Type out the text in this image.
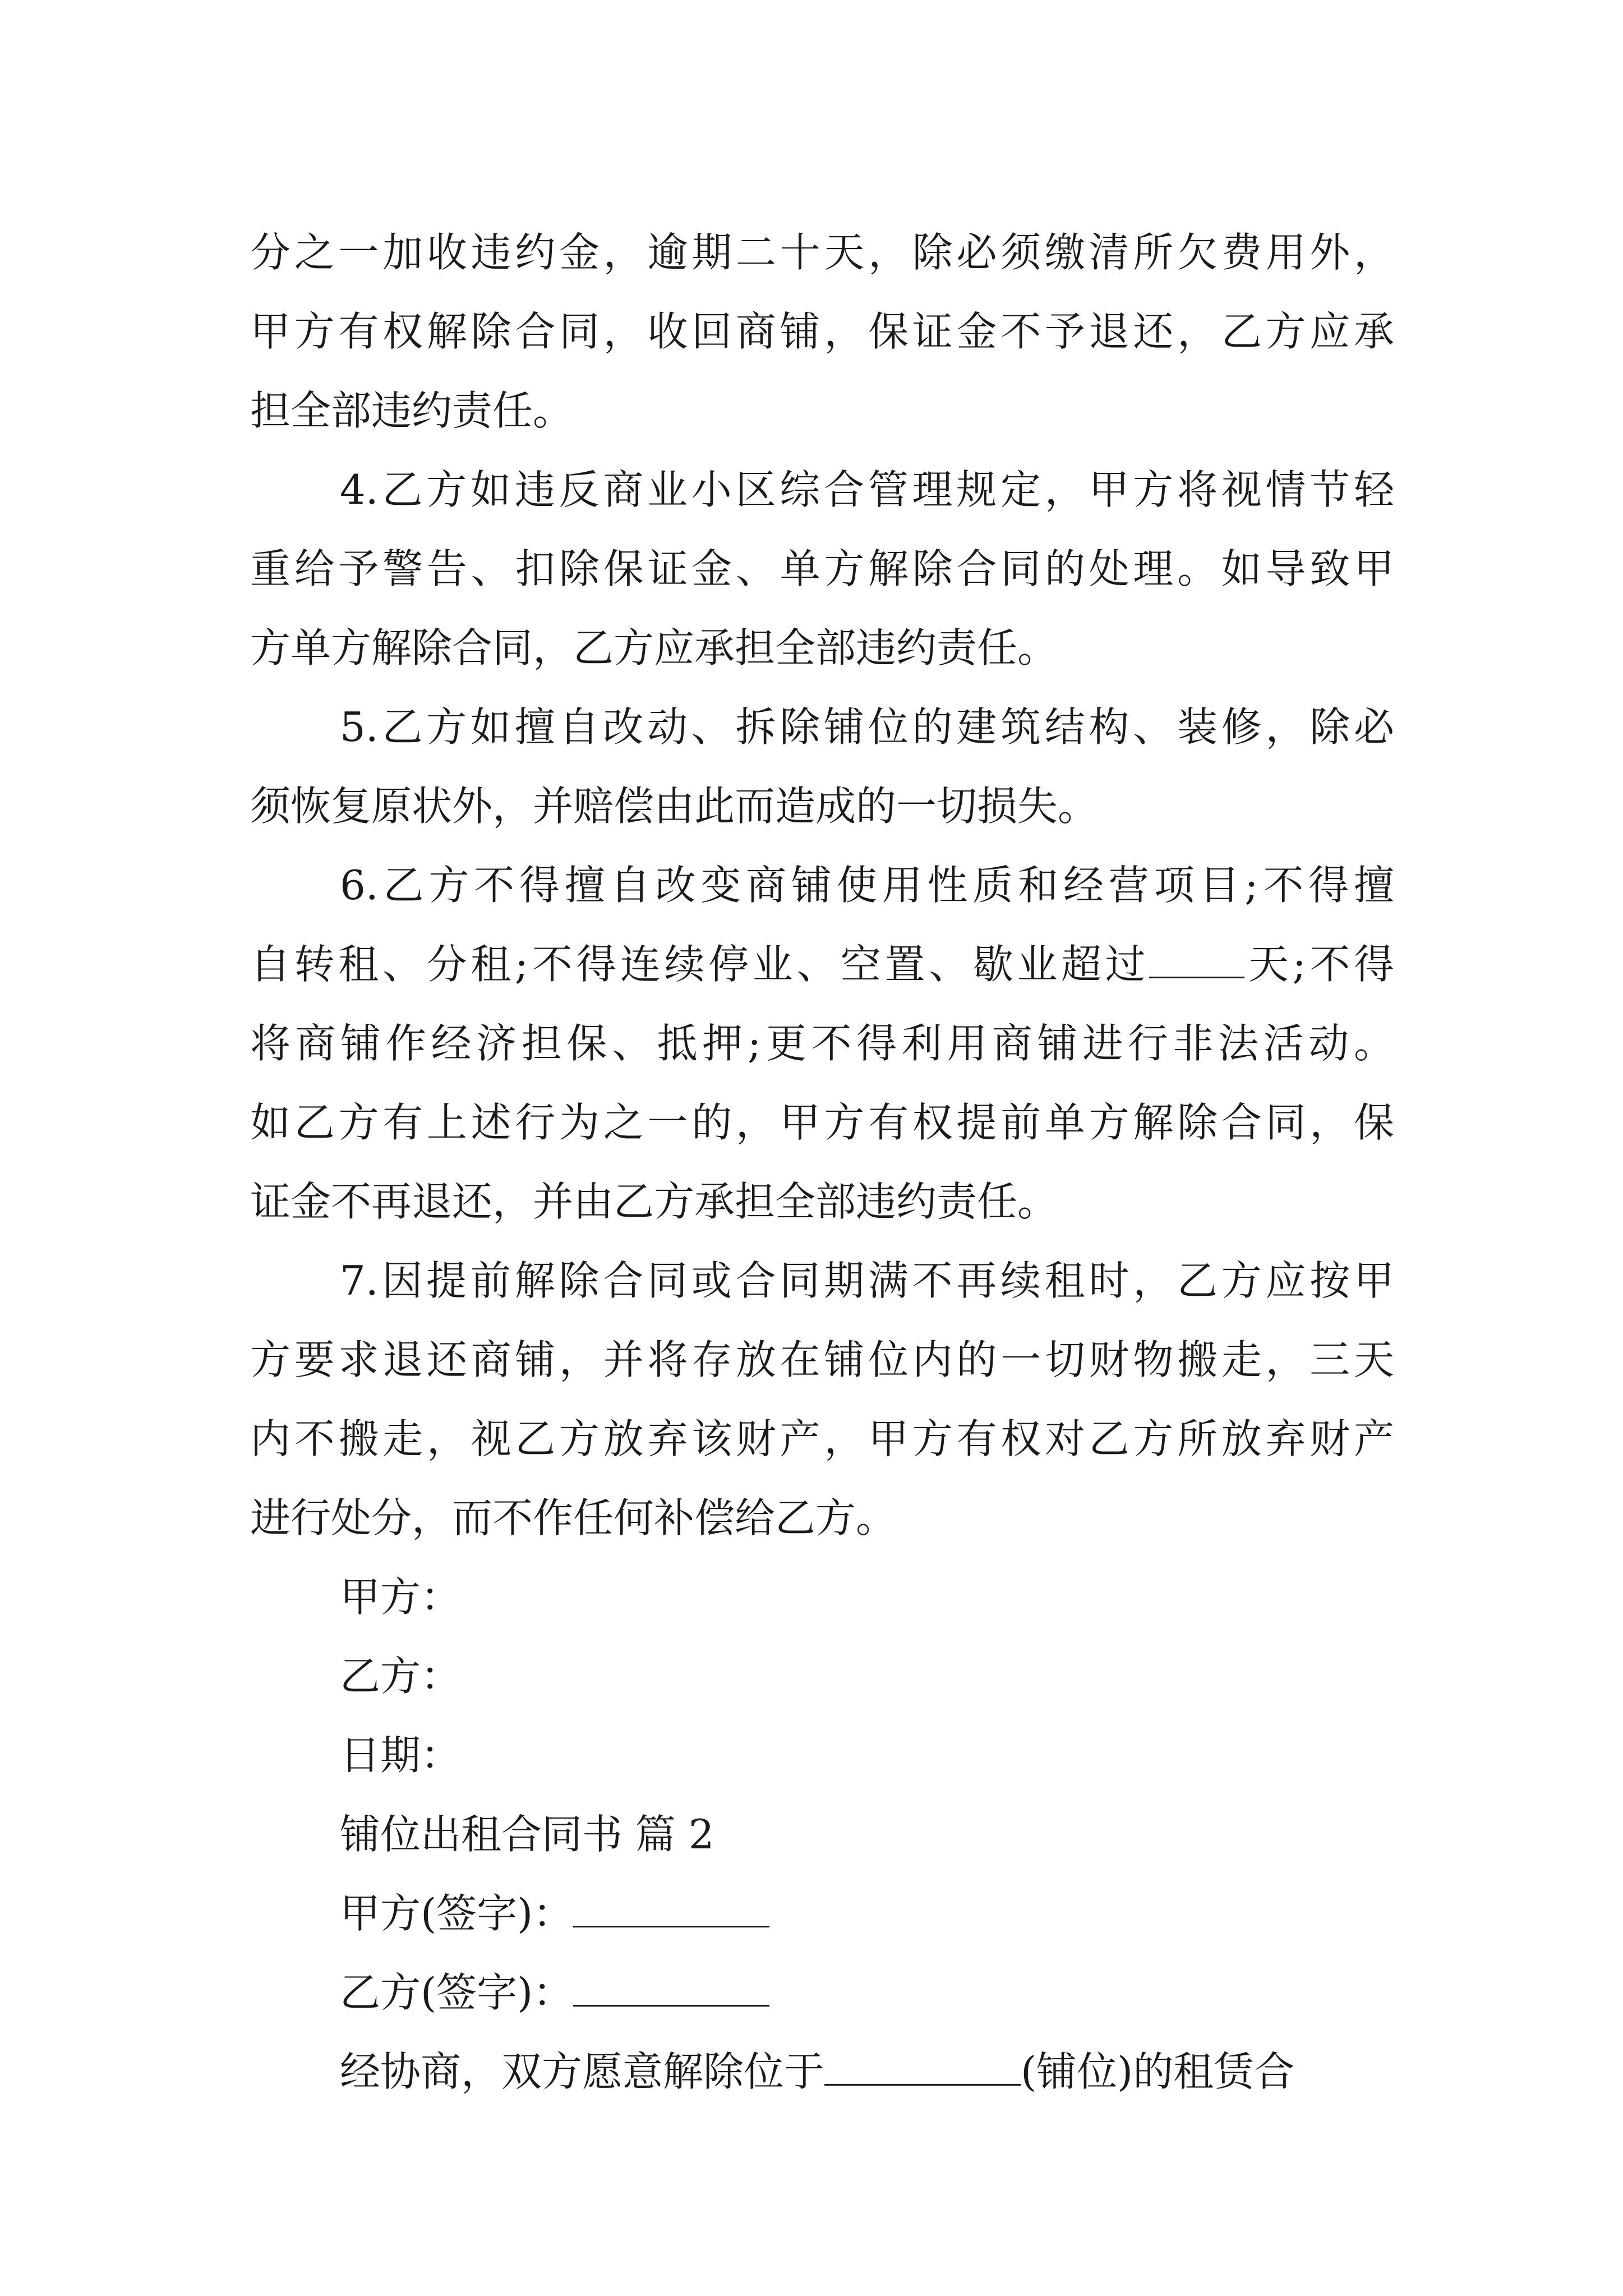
分之一加收违约金，逾期二十天，除必须缴清所欠费用外，
甲方有权解除合同，收回商铺，保证金不予退还，乙方应承
担全部违约责任。
4.乙方如违反商业小区综合管理规定，甲方将视情节轻
重给予警告、扣除保证金、单方解除合同的处理。如导致甲
方单方解除合同，乙方应承担全部违约责任。
5.乙方如擅自改动、拆除铺位的建筑结构、装修，除必
须恢复原状外，并赔偿由此而造成的一切损失。
6.乙方不得擅自改变商铺使用性质和经营项目;不得擅
自转租、分租;不得连续停业、空置、歇业超过 天;不得
将商铺作经济担保、抵押;更不得利用商铺进行非法活动。
如乙方有上述行为之一的，甲方有权提前单方解除合同，保
证金不再退还，并由乙方承担全部违约责任。
7.因提前解除合同或合同期满不再续租时，乙方应按甲
方要求退还商铺，并将存放在铺位内的一切财物搬走，三天
内不搬走，视乙方放弃该财产，甲方有权对乙方所放弃财产
进行处分，而不作任何补偿给乙方。
甲方：
乙方：
日期：
铺位出租合同书 篇 2
甲方(签字)：
乙方(签字)：
经协商，双方愿意解除位于	(铺位)的租赁合
